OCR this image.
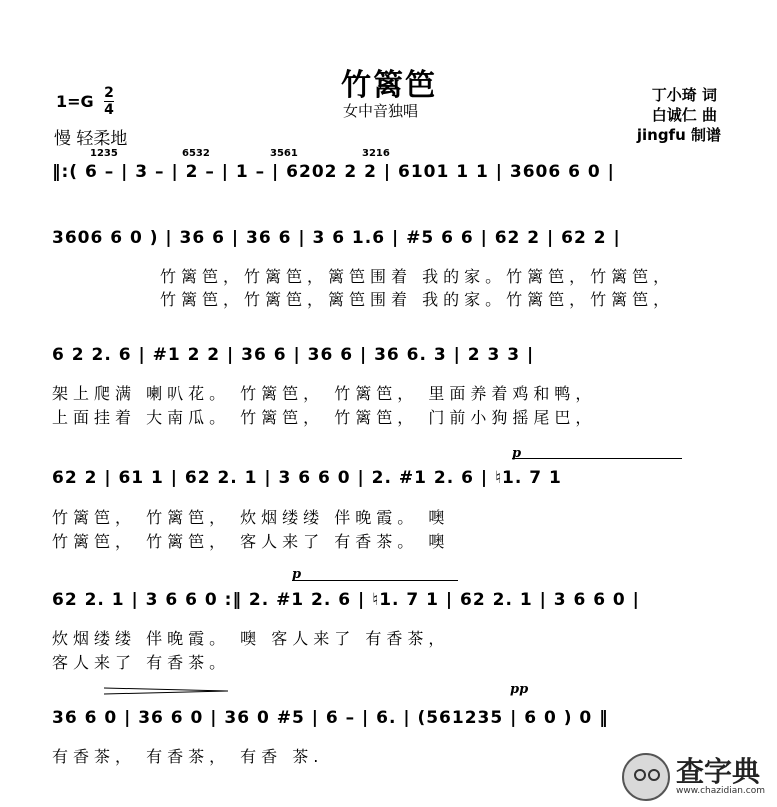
竹篱笆
女中音独唱
1=G 2
4
慢 轻柔地
丁小琦 词
白诚仁 曲
jingfu 制谱
1235	6532	3561	3216
‖:( 6 – | 3 – | 2 – | 1 – | 6202 2 2 | 6101 1 1 | 3606 6 0 |
3606 6 0 ) | 36 6 | 36 6 | 3 6 1.6 | #5 6 6 | 62 2 | 62 2 |
竹篱笆，竹篱笆，篱笆围着 我的家。竹篱笆，竹篱笆，
竹篱笆，竹篱笆，篱笆围着 我的家。竹篱笆，竹篱笆，
6 2 2. 6 | #1 2 2 | 36 6 | 36 6 | 36 6. 3 | 2 3 3 |
架上爬满 喇叭花。 竹篱笆， 竹篱笆， 里面养着鸡和鸭，
上面挂着 大南瓜。 竹篱笆， 竹篱笆， 门前小狗摇尾巴，
p
62 2 | 61 1 | 62 2. 1 | 3 6 6 0 | 2. #1 2. 6 | ♮1. 7 1
竹篱笆， 竹篱笆， 炊烟缕缕 伴晚霞。 噢
竹篱笆， 竹篱笆， 客人来了 有香茶。 噢
p
62 2. 1 | 3 6 6 0 :‖ 2. #1 2. 6 | ♮1. 7 1 | 62 2. 1 | 3 6 6 0 |
炊烟缕缕 伴晚霞。 噢 客人来了 有香茶，
客人来了 有香茶。
pp
36 6 0 | 36 6 0 | 36 0 #5 | 6 – | 6. | (561235 | 6 0 ) 0 ‖
有香茶， 有香茶， 有香 茶.	查字典
www.chazidian.com
